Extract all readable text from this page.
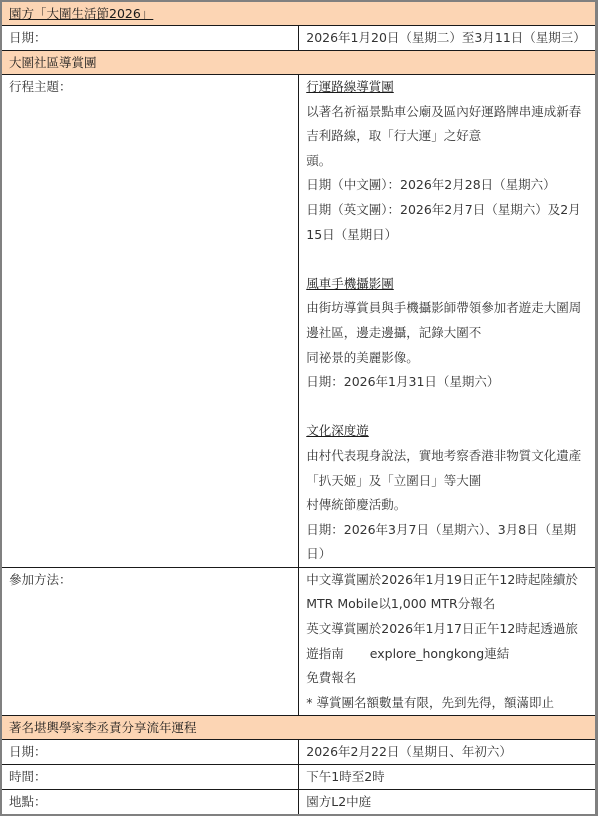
園方「大圍生活節2026」	
日期：	2026年1月20日（星期二）至3月11日（星期三）
大圍社區導賞團	
行程主題：	行運路線導賞團
以著名祈福景點車公廟及區內好運路牌串連成新春吉利路線，取「行大運」之好意
頭。
日期（中文團）：2026年2月28日（星期六）
日期（英文團）：2026年2月7日（星期六）及2月15日（星期日）
風車手機攝影團
由街坊導賞員與手機攝影師帶領參加者遊走大圍周邊社區，邊走邊攝，記錄大圍不
同祕景的美麗影像。
日期：2026年1月31日（星期六）
文化深度遊
由村代表現身說法，實地考察香港非物質文化遺產「扒天姬」及「立圍日」等大圍
村傳統節慶活動。
日期：2026年3月7日（星期六）、3月8日（星期日）

參加方法：	中文導賞團於2026年1月19日正午12時起陸續於MTR Mobile以1,000 MTR分報名
英文導賞團於2026年1月17日正午12時起透過旅遊指南 explore_hongkong連結
免費報名
* 導賞團名額數量有限，先到先得，額滿即止

著名堪輿學家李丞責分享流年運程	
日期：	2026年2月22日（星期日、年初六）
時間：	下午1時至2時
地點：	園方L2中庭
